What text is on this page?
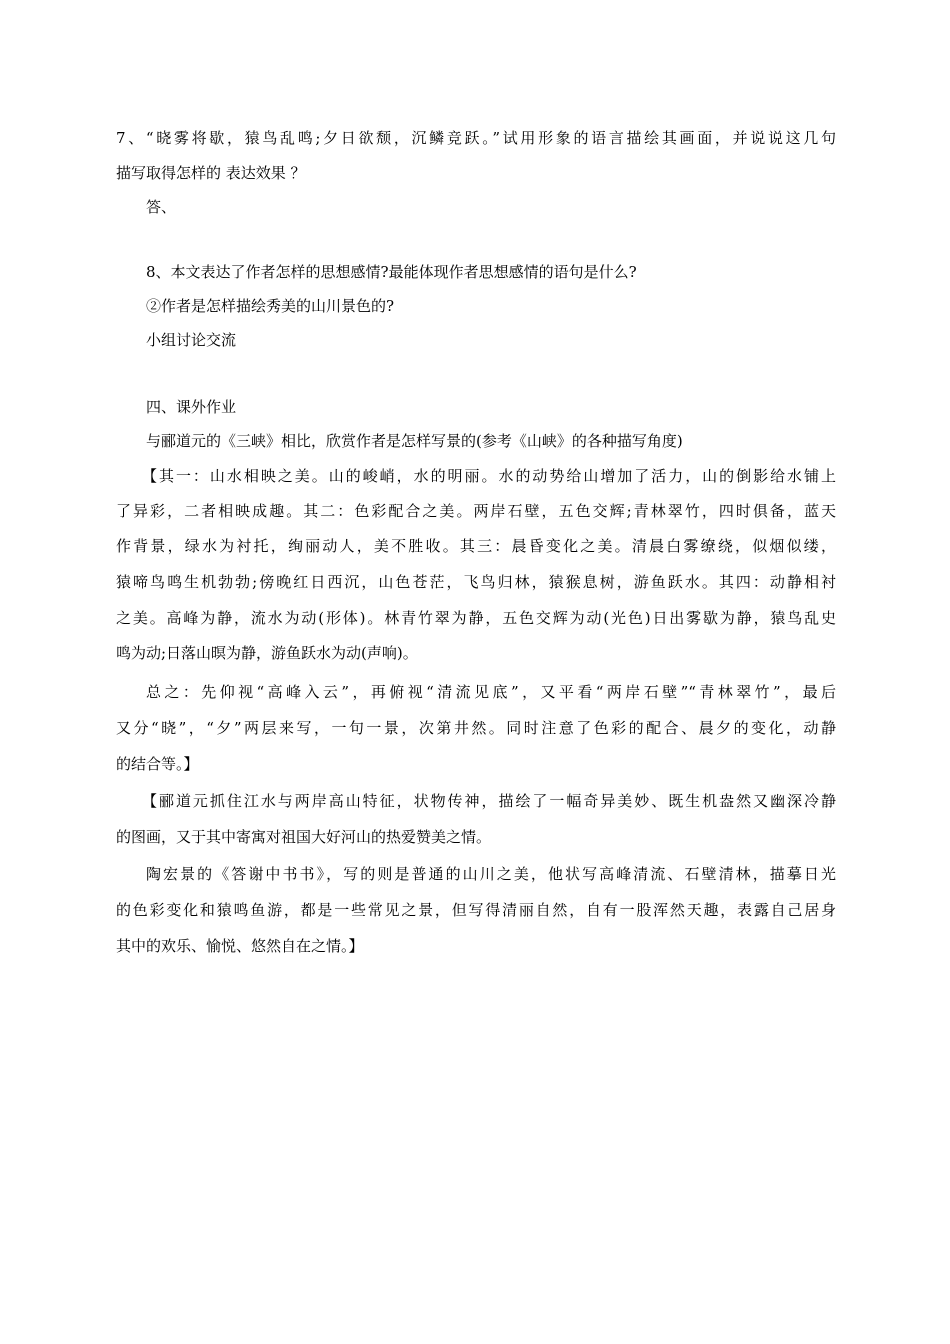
7、“晓雾将歇，猿鸟乱鸣;夕日欲颓，沉鳞竞跃。”试用形象的语言描绘其画面，并说说这几句
描写取得怎样的 表达效果 ？
答、
8、本文表达了作者怎样的思想感情?最能体现作者思想感情的语句是什么?
②作者是怎样描绘秀美的山川景色的?
小组讨论交流
四、课外作业
与郦道元的《三峡》相比，欣赏作者是怎样写景的(参考《山峡》的各种描写角度)
【其一：山水相映之美。山的峻峭，水的明丽。水的动势给山增加了活力，山的倒影给水铺上
了异彩，二者相映成趣。其二：色彩配合之美。两岸石壁，五色交辉;青林翠竹，四时俱备，蓝天
作背景，绿水为衬托，绚丽动人，美不胜收。其三：晨昏变化之美。清晨白雾缭绕，似烟似缕，
猿啼鸟鸣生机勃勃;傍晚红日西沉，山色苍茫，飞鸟归林，猿猴息树，游鱼跃水。其四：动静相衬
之美。高峰为静，流水为动(形体)。林青竹翠为静，五色交辉为动(光色)日出雾歇为静，猿鸟乱史
鸣为动;日落山暝为静，游鱼跃水为动(声响)。
总之：先仰视“高峰入云”，再俯视“清流见底”，又平看“两岸石壁”“青林翠竹”，最后
又分“晓”，“夕”两层来写，一句一景，次第井然。同时注意了色彩的配合、晨夕的变化，动静
的结合等。】
【郦道元抓住江水与两岸高山特征，状物传神，描绘了一幅奇异美妙、既生机盎然又幽深冷静
的图画，又于其中寄寓对祖国大好河山的热爱赞美之情。
陶宏景的《答谢中书书》，写的则是普通的山川之美，他状写高峰清流、石壁清林，描摹日光
的色彩变化和猿鸣鱼游，都是一些常见之景，但写得清丽自然，自有一股浑然天趣，表露自己居身
其中的欢乐、愉悦、悠然自在之情。】
